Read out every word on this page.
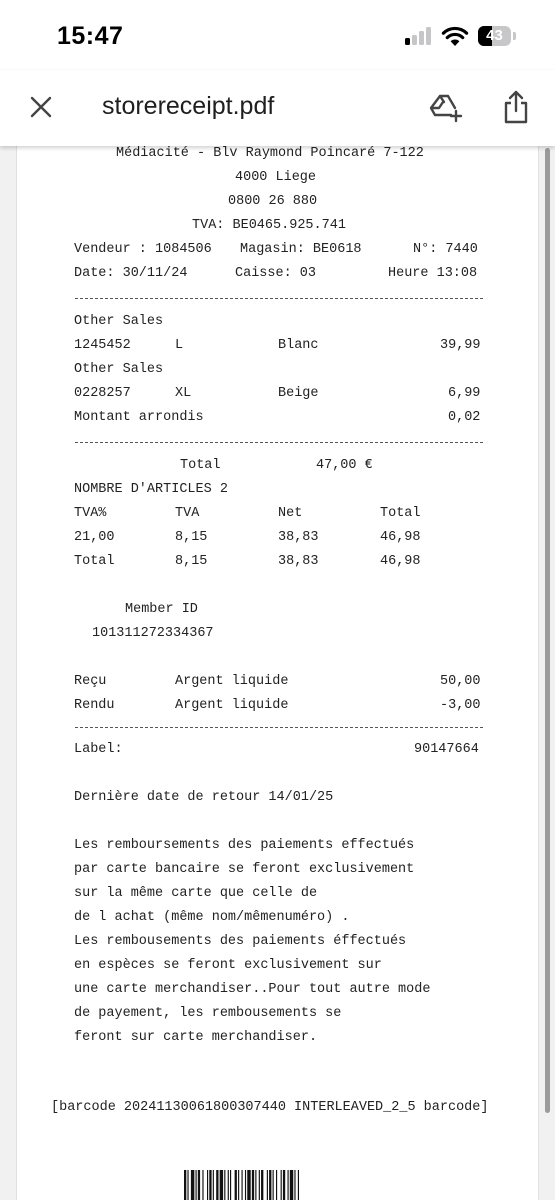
15:47	43
storereceipt.pdf
Médiacité - Blv Raymond Poincaré 7-122
4000 Liege
0800 26 880
TVA: BE0465.925.741
Vendeur : 1084506 Magasin: BE0618	N°: 7440
Date: 30/11/24	Caisse: 03	Heure 13:08
Other Sales
1245452	L	Blanc	39,99
Other Sales
0228257	XL	Beige	6,99
Montant arrondis	0,02
Total	47,00 €
NOMBRE D'ARTICLES 2
TVA%	TVA	Net	Total
21,00	8,15	38,83	46,98
Total	8,15	38,83	46,98
Member ID
101311272334367
Reçu	Argent liquide	50,00
Rendu	Argent liquide	-3,00
Label:	90147664
Dernière date de retour 14/01/25
Les remboursements des paiements effectués
par carte bancaire se feront exclusivement
sur la même carte que celle de
de l achat (même nom/mêmenuméro) .
Les rembousements des paiements éffectués
en espèces se feront exclusivement sur
une carte merchandiser..Pour tout autre mode
de payement, les rembousements se
feront sur carte merchandiser.
[barcode 20241130061800307440 INTERLEAVED_2_5 barcode]
